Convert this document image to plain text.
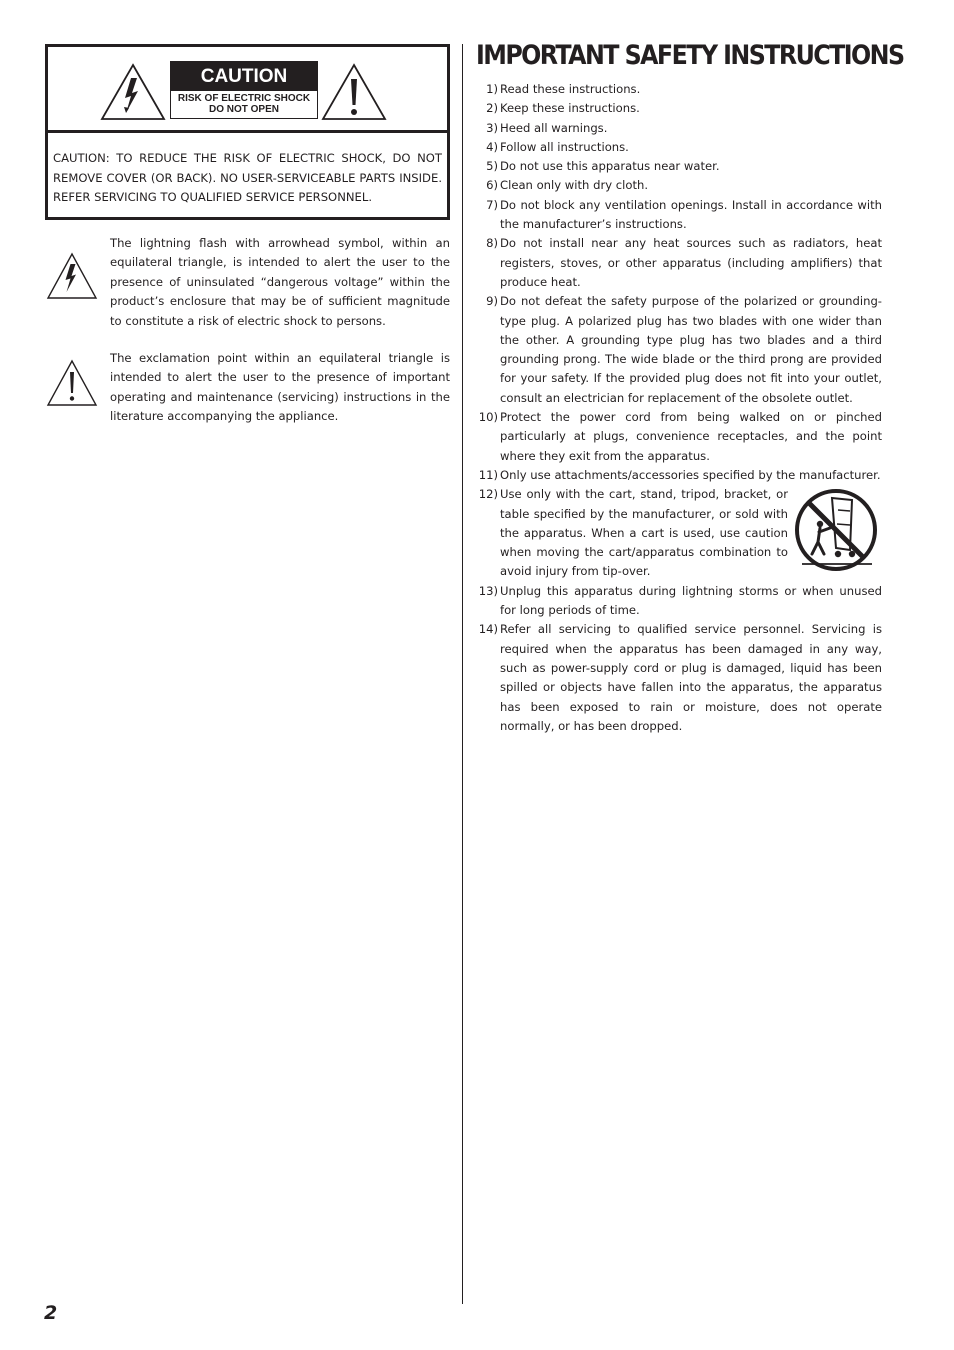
CAUTION
RISK OF ELECTRIC SHOCK
DO NOT OPEN
CAUTION: TO REDUCE THE RISK OF ELECTRIC SHOCK, DO NOT REMOVE COVER (OR BACK). NO USER-SERVICEABLE PARTS INSIDE. REFER SERVICING TO QUALIFIED SERVICE PERSONNEL.
The lightning flash with arrowhead symbol, within an equilateral triangle, is intended to alert the user to the presence of uninsulated “dangerous voltage” within the product’s enclosure that may be of sufficient magnitude to constitute a risk of electric shock to persons.
The exclamation point within an equilateral triangle is intended to alert the user to the presence of important operating and maintenance (servicing) instructions in the literature accompanying the appliance.
IMPORTANT SAFETY INSTRUCTIONS
1) Read these instructions.
2) Keep these instructions.
3) Heed all warnings.
4) Follow all instructions.
5) Do not use this apparatus near water.
6) Clean only with dry cloth.
7) Do not block any ventilation openings. Install in accordance with the manufacturer’s instructions.
8) Do not install near any heat sources such as radiators, heat registers, stoves, or other apparatus (including amplifiers) that produce heat.
9) Do not defeat the safety purpose of the polarized or grounding-type plug. A polarized plug has two blades with one wider than the other. A grounding type plug has two blades and a third grounding prong. The wide blade or the third prong are provided for your safety. If the provided plug does not fit into your outlet, consult an electrician for replacement of the obsolete outlet.
10) Protect the power cord from being walked on or pinched particularly at plugs, convenience receptacles, and the point where they exit from the apparatus.
11) Only use attachments/accessories specified by the manufacturer.
12) Use only with the cart, stand, tripod, bracket, or table specified by the manufacturer, or sold with the apparatus. When a cart is used, use caution when moving the cart/apparatus combination to avoid injury from tip-over.
13) Unplug this apparatus during lightning storms or when unused for long periods of time.
14) Refer all servicing to qualified service personnel. Servicing is required when the apparatus has been damaged in any way, such as power-supply cord or plug is damaged, liquid has been spilled or objects have fallen into the apparatus, the apparatus has been exposed to rain or moisture, does not operate normally, or has been dropped.
2
